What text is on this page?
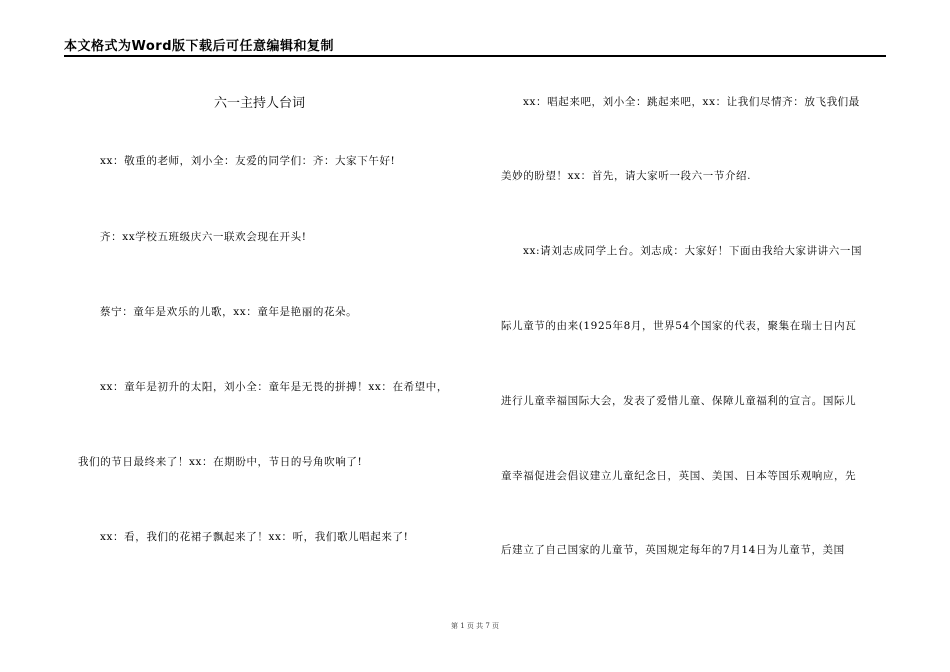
本文格式为Word版下载后可任意编辑和复制
六一主持人台词
xx：敬重的老师，刘小全：友爱的同学们：齐：大家下午好!
齐：xx学校五班级庆六一联欢会现在开头!
蔡宁：童年是欢乐的儿歌，xx：童年是艳丽的花朵。
xx：童年是初升的太阳，刘小全：童年是无畏的拼搏！xx：在希望中，
我们的节日最终来了！xx：在期盼中，节日的号角吹响了!
xx：看，我们的花裙子飘起来了！xx：听，我们歌儿唱起来了!
xx：唱起来吧，刘小全：跳起来吧，xx：让我们尽情齐：放飞我们最
美妙的盼望！xx：首先，请大家听一段六一节介绍.
xx:请刘志成同学上台。刘志成：大家好！下面由我给大家讲讲六一国
际儿童节的由来(1925年8月，世界54个国家的代表，聚集在瑞士日内瓦
进行儿童幸福国际大会，发表了爱惜儿童、保障儿童福利的宣言。国际儿
童幸福促进会倡议建立儿童纪念日，英国、美国、日本等国乐观响应，先
后建立了自己国家的儿童节，英国规定每年的7月14日为儿童节，美国
第 1 页 共 7 页
